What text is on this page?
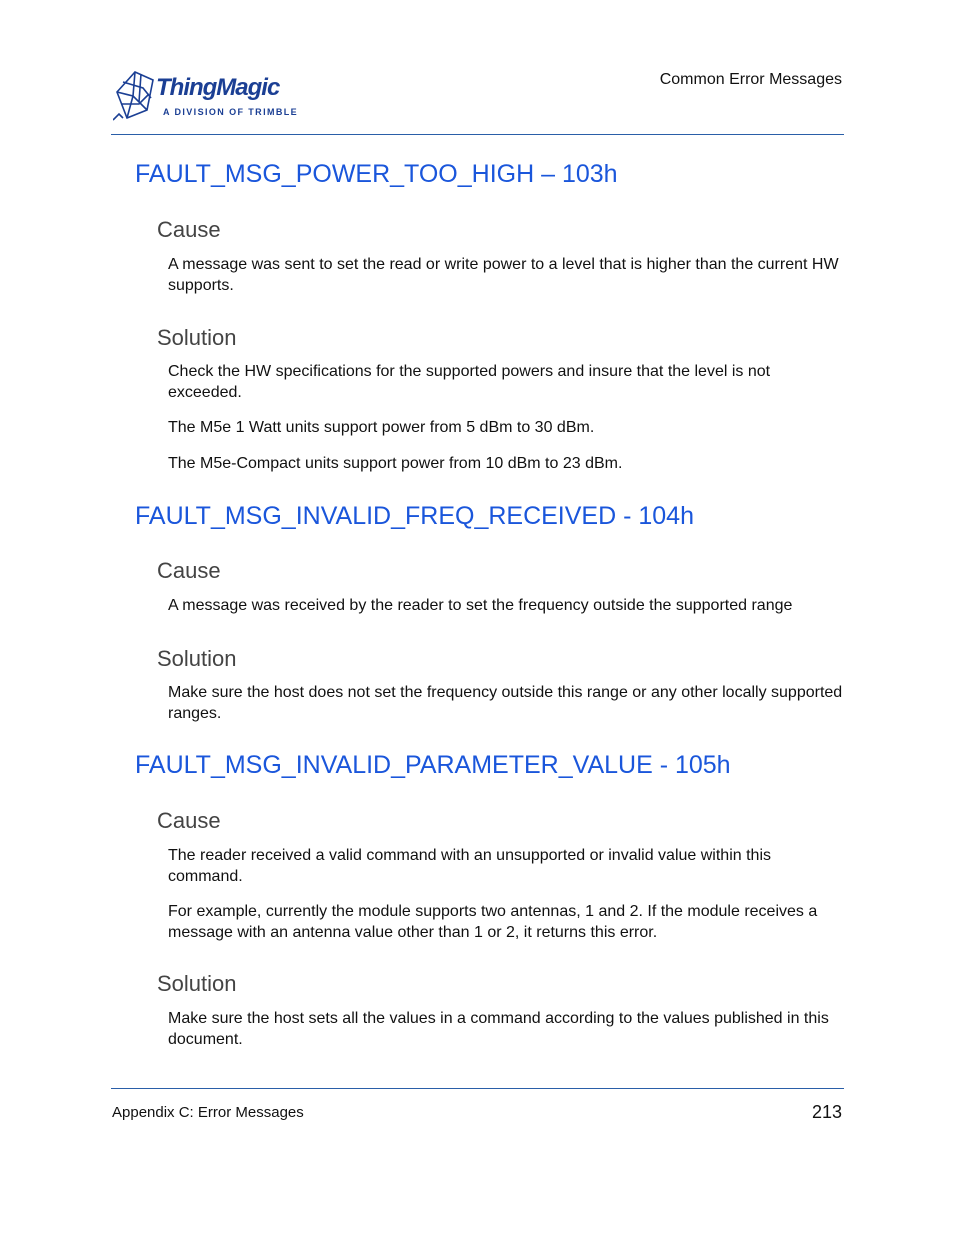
ThingMagic
A DIVISION OF TRIMBLE
Common Error Messages
FAULT_MSG_POWER_TOO_HIGH – 103h
Cause

A message was sent to set the read or write power to a level that is higher than the current HW supports.

Solution

Check the HW specifications for the supported powers and insure that the level is not exceeded.

The M5e 1 Watt units support power from 5 dBm to 30 dBm.

The M5e-Compact units support power from 10 dBm to 23 dBm.

FAULT_MSG_INVALID_FREQ_RECEIVED - 104h
Cause

A message was received by the reader to set the frequency outside the supported range

Solution

Make sure the host does not set the frequency outside this range or any other locally supported ranges.

FAULT_MSG_INVALID_PARAMETER_VALUE - 105h
Cause

The reader received a valid command with an unsupported or invalid value within this command.

For example, currently the module supports two antennas, 1 and 2. If the module receives a message with an antenna value other than 1 or 2, it returns this error.

Solution

Make sure the host sets all the values in a command according to the values published in this document.

Appendix C: Error Messages	213
